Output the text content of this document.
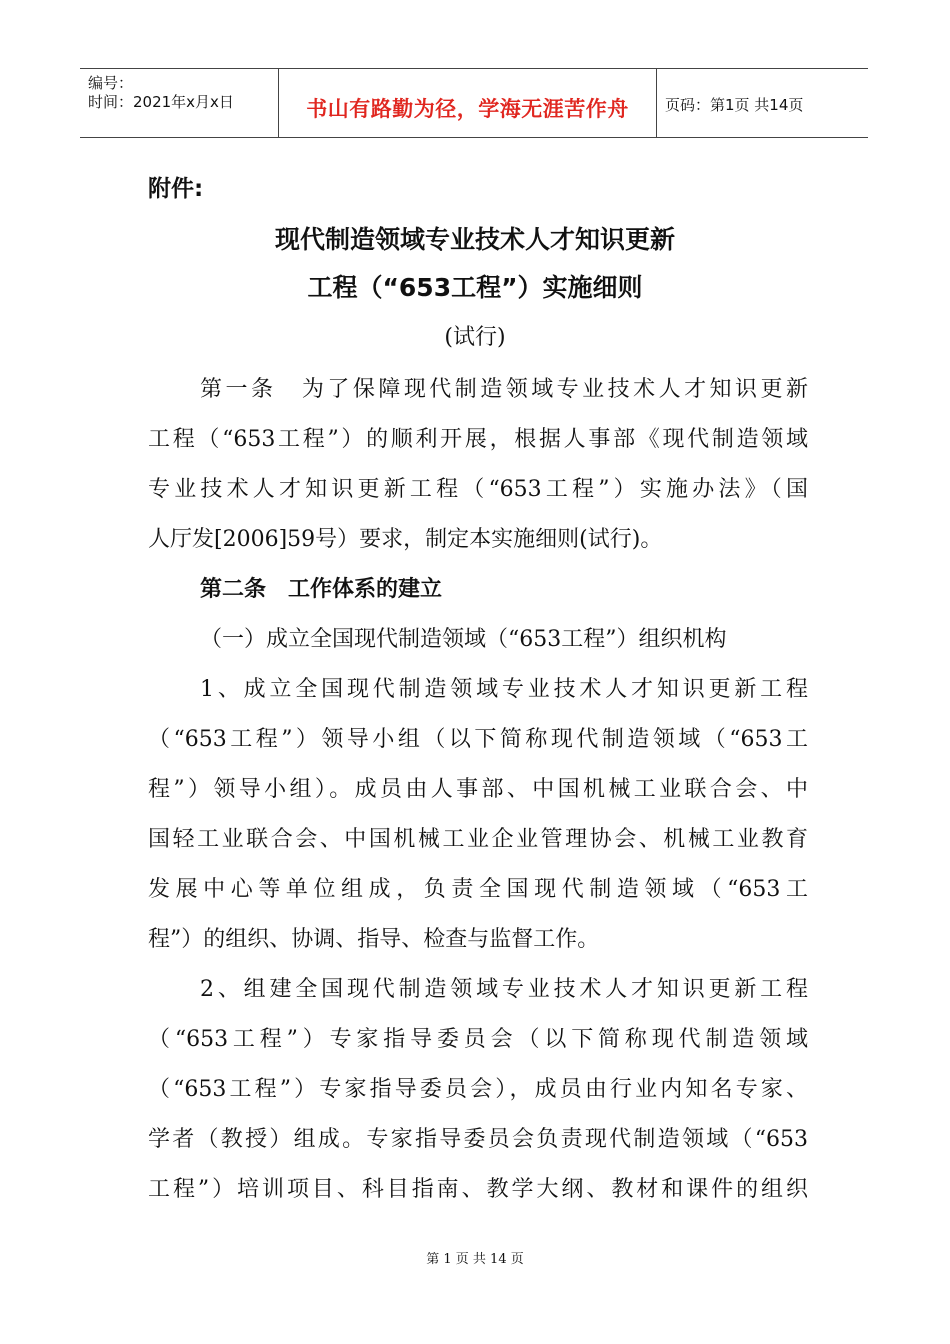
编号：
时间：2021年x月x日	书山有路勤为径，学海无涯苦作舟	页码：第1页 共14页
附件:
现代制造领域专业技术人才知识更新
工程（“653工程”）实施细则
(试行)
第一条　为了保障现代制造领域专业技术人才知识更新
工程（“653工程”）的顺利开展，根据人事部《现代制造领域
专业技术人才知识更新工程（“653工程”）实施办法》（国
人厅发[2006]59号）要求，制定本实施细则(试行)。
第二条　工作体系的建立
（一）成立全国现代制造领域（“653工程”）组织机构
1、成立全国现代制造领域专业技术人才知识更新工程
（“653工程”）领导小组（以下简称现代制造领域（“653工
程”）领导小组）。成员由人事部、中国机械工业联合会、中
国轻工业联合会、中国机械工业企业管理协会、机械工业教育
发展中心等单位组成，负责全国现代制造领域（“653工
程”）的组织、协调、指导、检查与监督工作。
2、组建全国现代制造领域专业技术人才知识更新工程
（“653工程”）专家指导委员会（以下简称现代制造领域
（“653工程”）专家指导委员会），成员由行业内知名专家、
学者（教授）组成。专家指导委员会负责现代制造领域（“653
工程”）培训项目、科目指南、教学大纲、教材和课件的组织
第 1 页 共 14 页
